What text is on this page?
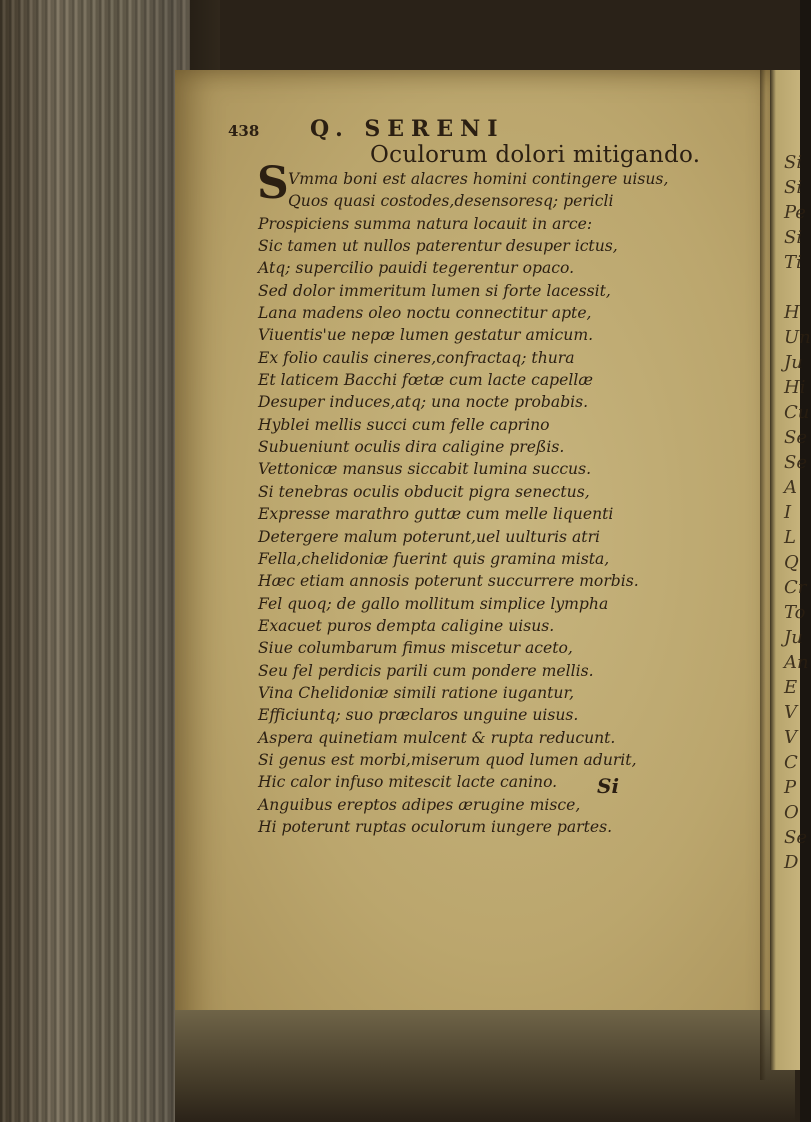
Si
Si
Pe
Si
Ti

H
Un
Ju
Hi
Cu
Se
Se
A
I
L
Q
Cr
To
Ju
An
E
V
V
C
P
O
Se
D
438 Q. SERENI
Oculorum dolori mitigando.
S Vmma boni est alacres homini contingere uisus,
Quos quasi costodes,desensoresq; pericli
Prospiciens summa natura locauit in arce:
Sic tamen ut nullos paterentur desuper ictus,
Atq; supercilio pauidi tegerentur opaco.
Sed dolor immeritum lumen si forte lacessit,
Lana madens oleo noctu connectitur apte,
Viuentis'ue nepæ lumen gestatur amicum.
Ex folio caulis cineres,confractaq; thura
Et laticem Bacchi fœtæ cum lacte capellæ
Desuper induces,atq; una nocte probabis.
Hyblei mellis succi cum felle caprino
Subueniunt oculis dira caligine preßis.
Vettonicæ mansus siccabit lumina succus.
Si tenebras oculis obducit pigra senectus,
Expresse marathro guttæ cum melle liquenti
Detergere malum poterunt,uel uulturis atri
Fella,chelidoniæ fuerint quis gramina mista,
Hæc etiam annosis poterunt succurrere morbis.
Fel quoq; de gallo mollitum simplice lympha
Exacuet puros dempta caligine uisus.
Siue columbarum fimus miscetur aceto,
Seu fel perdicis parili cum pondere mellis.
Vina Chelidoniæ simili ratione iugantur,
Efficiuntq; suo præclaros unguine uisus.
Aspera quinetiam mulcent & rupta reducunt.
Si genus est morbi,miserum quod lumen adurit,
Hic calor infuso mitescit lacte canino.
Anguibus ereptos adipes ærugine misce,
Hi poterunt ruptas oculorum iungere partes.
Si
